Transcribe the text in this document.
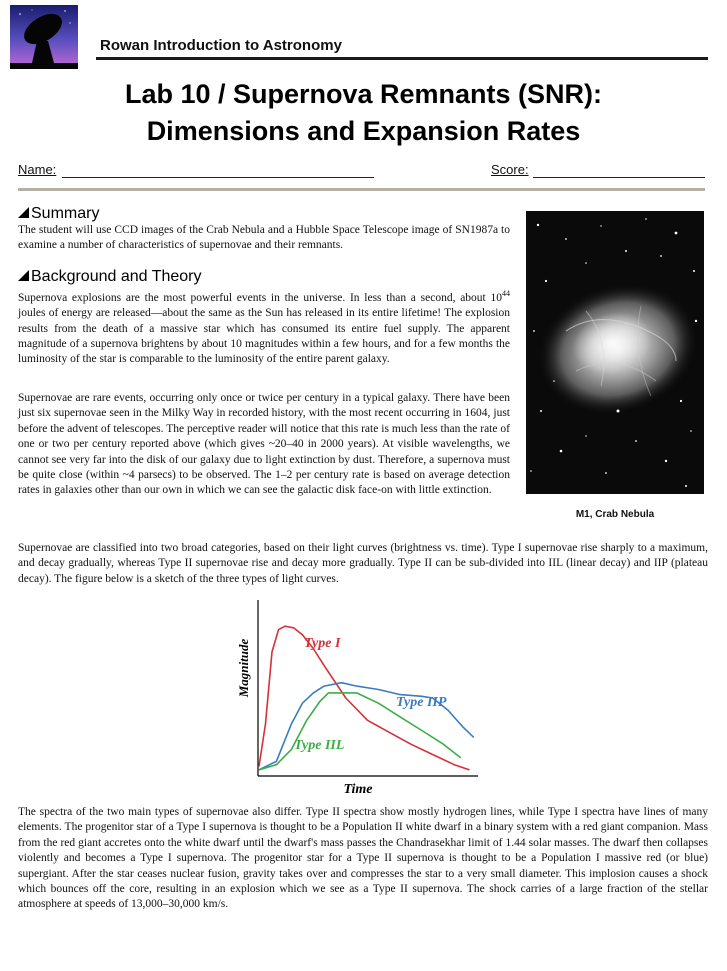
Rowan Introduction to Astronomy
Lab 10 / Supernova Remnants (SNR):
Dimensions and Expansion Rates
Name:	Score:
Summary

The student will use CCD images of the Crab Nebula and a Hubble Space Telescope image of SN1987a to examine a number of characteristics of supernovae and their remnants.

Background and Theory

Supernova explosions are the most powerful events in the universe. In less than a second, about $10^{44}$ joules of energy are released—about the same as the Sun has released in its entire lifetime! The explosion results from the death of a massive star which has consumed its entire fuel supply. The apparent magnitude of a supernova brightens by about 10 magnitudes within a few hours, and for a few months the luminosity of the star is comparable to the luminosity of the entire parent galaxy.

Supernovae are rare events, occurring only once or twice per century in a typical galaxy. There have been just six supernovae seen in the Milky Way in recorded history, with the most recent occurring in 1604, just before the advent of telescopes. The perceptive reader will notice that this rate is much less than the rate of one or two per century reported above (which gives ~20–40 in 2000 years). At visible wavelengths, we cannot see very far into the disk of our galaxy due to light extinction by dust. Therefore, a supernova must be quite close (within ~4 parsecs) to be observed. The 1–2 per century rate is based on average detection rates in galaxies other than our own in which we can see the galactic disk face-on with little extinction.

M1, Crab Nebula

Supernovae are classified into two broad categories, based on their light curves (brightness vs. time). Type I supernovae rise sharply to a maximum, and decay gradually, whereas Type II supernovae rise and decay more gradually. Type II can be sub-divided into IIL (linear decay) and IIP (plateau decay). The figure below is a sketch of the three types of light curves.

Magnitude
Time
Type I
Type IIP
Type IIL

The spectra of the two main types of supernovae also differ. Type II spectra show mostly hydrogen lines, while Type I spectra have lines of many elements. The progenitor star of a Type I supernova is thought to be a Population II white dwarf in a binary system with a red giant companion. Mass from the red giant accretes onto the white dwarf until the dwarf's mass passes the Chandrasekhar limit of 1.44 solar masses. The dwarf then collapses violently and becomes a Type I supernova. The progenitor star for a Type II supernova is thought to be a Population I massive red (or blue) supergiant. After the star ceases nuclear fusion, gravity takes over and compresses the star to a very small diameter. This implosion causes a shock which bounces off the core, resulting in an explosion which we see as a Type II supernova. The shock carries of a large fraction of the stellar atmosphere at speeds of 13,000–30,000 km/s.
